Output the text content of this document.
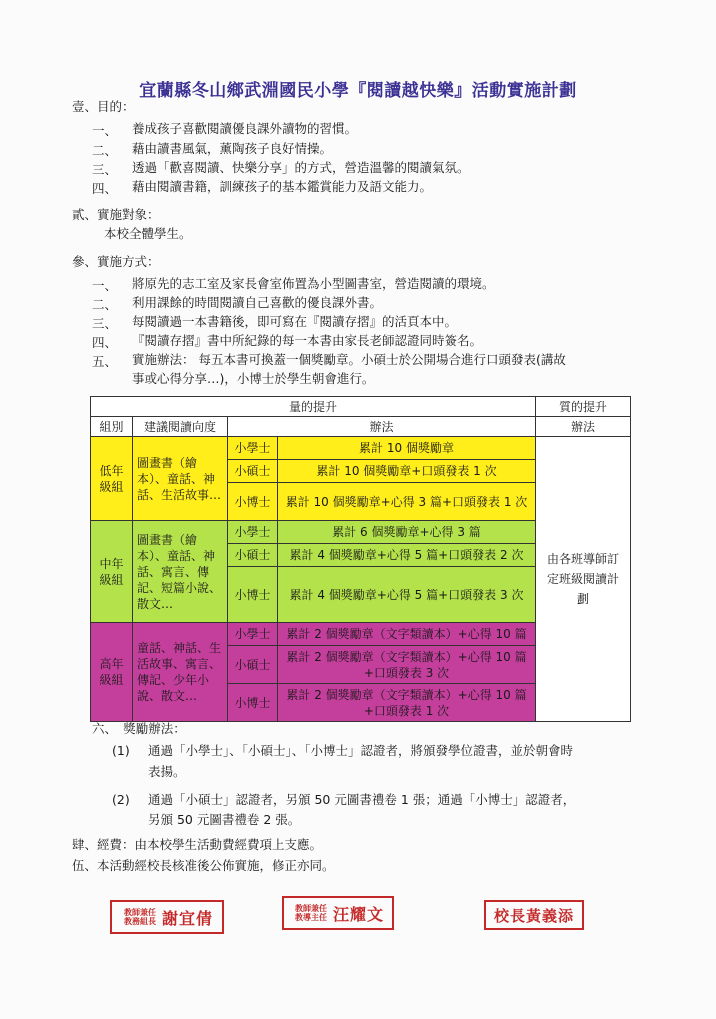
宜蘭縣冬山鄉武淵國民小學『閱讀越快樂』活動實施計劃
壹、目的：
一、	養成孩子喜歡閱讀優良課外讀物的習慣。
二、	藉由讀書風氣，薰陶孩子良好情操。
三、	透過「歡喜閱讀、快樂分享」的方式，營造溫馨的閱讀氣氛。
四、	藉由閱讀書籍，訓練孩子的基本鑑賞能力及語文能力。
貳、實施對象：
本校全體學生。
參、實施方式：
一、	將原先的志工室及家長會室佈置為小型圖書室，營造閱讀的環境。
二、	利用課餘的時間閱讀自己喜歡的優良課外書。
三、	每閱讀過一本書籍後，即可寫在『閱讀存摺』的活頁本中。
四、	『閱讀存摺』書中所紀錄的每一本書由家長老師認證同時簽名。
五、	實施辦法： 每五本書可換蓋一個獎勵章。小碩士於公開場合進行口頭發表(講故
事或心得分享…)，小博士於學生朝會進行。
量的提升				質的提升
組別	建議閱讀向度	辦法		辦法
低年級組	圖畫書（繪本）、童話、神話、生活故事…	小學士	累計 10 個獎勵章	由各班導師訂定班級閱讀計劃
		小碩士	累計 10 個獎勵章+口頭發表 1 次	
		小博士	累計 10 個獎勵章+心得 3 篇+口頭發表 1 次	
中年級組	圖畫書（繪本）、童話、神話、寓言、傳記、短篇小說、散文…	小學士	累計 6 個獎勵章+心得 3 篇	
		小碩士	累計 4 個獎勵章+心得 5 篇+口頭發表 2 次	
		小博士	累計 4 個獎勵章+心得 5 篇+口頭發表 3 次	
高年級組	童話、神話、生活故事、寓言、傳記、少年小說、散文…	小學士	累計 2 個獎勵章（文字類讀本）+心得 10 篇	
		小碩士	累計 2 個獎勵章（文字類讀本）+心得 10 篇+口頭發表 3 次	
		小博士	累計 2 個獎勵章（文字類讀本）+心得 10 篇+口頭發表 1 次	
六、　獎勵辦法：
(1)	通過「小學士」、「小碩士」、「小博士」認證者，將頒發學位證書，並於朝會時
表揚。
(2)	通過「小碩士」認證者，另頒 50 元圖書禮卷 1 張；通過「小博士」認證者，
另頒 50 元圖書禮卷 2 張。
肆、經費：由本校學生活動費經費項上支應。
伍、本活動經校長核准後公佈實施，修正亦同。
教師兼任教務組長 謝宜倩	教師兼任教導主任 汪耀文	校長黃義添
